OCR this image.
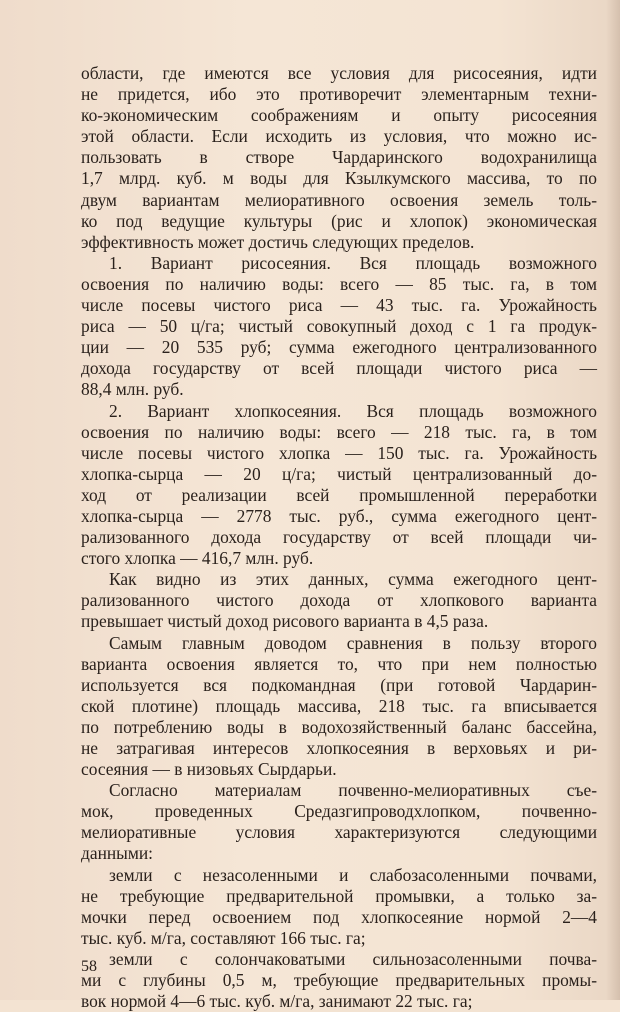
области, где имеются все условия для рисосеяния, идти
не придется, ибо это противоречит элементарным техни-
ко-экономическим соображениям и опыту рисосеяния
этой области. Если исходить из условия, что можно ис-
пользовать в створе Чардаринского водохранилища
1,7 млрд. куб. м воды для Кзылкумского массива, то по
двум вариантам мелиоративного освоения земель толь-
ко под ведущие культуры (рис и хлопок) экономическая
эффективность может достичь следующих пределов.
1. Вариант рисосеяния. Вся площадь возможного
освоения по наличию воды: всего — 85 тыс. га, в том
числе посевы чистого риса — 43 тыс. га. Урожайность
риса — 50 ц/га; чистый совокупный доход с 1 га продук-
ции — 20 535 руб; сумма ежегодного централизованного
дохода государству от всей площади чистого риса —
88,4 млн. руб.
2. Вариант хлопкосеяния. Вся площадь возможного
освоения по наличию воды: всего — 218 тыс. га, в том
числе посевы чистого хлопка — 150 тыс. га. Урожайность
хлопка-сырца — 20 ц/га; чистый централизованный до-
ход от реализации всей промышленной переработки
хлопка-сырца — 2778 тыс. руб., сумма ежегодного цент-
рализованного дохода государству от всей площади чи-
стого хлопка — 416,7 млн. руб.
Как видно из этих данных, сумма ежегодного цент-
рализованного чистого дохода от хлопкового варианта
превышает чистый доход рисового варианта в 4,5 раза.
Самым главным доводом сравнения в пользу второго
варианта освоения является то, что при нем полностью
используется вся подкомандная (при готовой Чардарин-
ской плотине) площадь массива, 218 тыс. га вписывается
по потреблению воды в водохозяйственный баланс бассейна,
не затрагивая интересов хлопкосеяния в верховьях и ри-
сосеяния — в низовьях Сырдарьи.
Согласно материалам почвенно-мелиоративных съе-
мок, проведенных Средазгипроводхлопком, почвенно-
мелиоративные условия характеризуются следующими
данными:
земли с незасоленными и слабозасоленными почвами,
не требующие предварительной промывки, а только за-
мочки перед освоением под хлопкосеяние нормой 2—4
тыс. куб. м/га, составляют 166 тыс. га;
земли с солончаковатыми сильнозасоленными почва-
ми с глубины 0,5 м, требующие предварительных промы-
вок нормой 4—6 тыс. куб. м/га, занимают 22 тыс. га;
58
